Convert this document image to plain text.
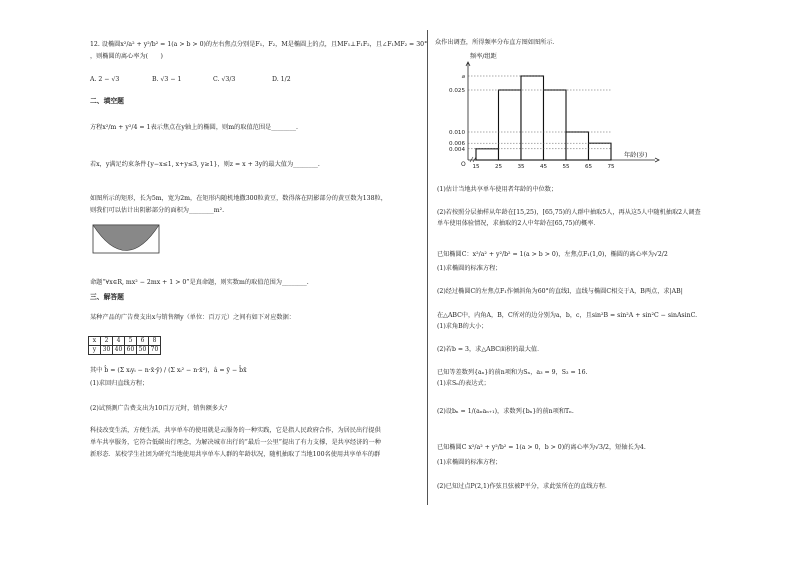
12. 设椭圆x²/a² + y²/b² = 1(a > b > 0)的左右焦点分别是F₁，F₂，M是椭圆上的点，且MF₁⊥F₁F₂，且∠F₁MF₂ = 30°
，则椭圆的离心率为(　　)
A. 2 − √3	B. √3 − 1	C. √3/3	D. 1/2
二、填空题
方程x²/m + y²/4 = 1表示焦点在y轴上的椭圆，则m的取值范围是________.
若x，y满足约束条件{y−x≤1, x+y≤3, y≥1}，则z = x + 3y的最大值为________.
如图所示的矩形，长为5m，宽为2m，在矩形内随机地撒300粒黄豆，数得落在阴影部分的黄豆数为138粒，
则我们可以估计出阴影部分的面积为________m².
命题“∀x∈R, mx² − 2mx + 1 > 0”是真命题，则实数m的取值范围为________.
三、解答题
某种产品的广告费支出x与销售额y（单位：百万元）之间有如下对应数据：
x	2	4	5	6	8
y	30	40	60	50	70
其中 b̂ = (Σ xᵢyᵢ − n·x̄·ȳ) / (Σ xᵢ² − n·x̄²)，â = ȳ − b̂x̄
(1)求回归直线方程；
(2)试预测广告费支出为10百万元时，销售额多大？
科技改变生活，方便生活，共享单车的使用就是云服务的一种实践，它是指人民政府合作，为居民出行提供
单车共享服务，它符合低碳出行理念，为解决城市出行的“最后一公里”提出了有力支撑，是共享经济的一种
新形态．某校学生社团为研究当地使用共享单车人群的年龄状况，随机抽取了当地100名使用共享单车的群
众作出调查，所得频率分布直方图如图所示．
频率/组距
年龄(岁)
O
0.004
0.006
0.010
0.025
a
15	25	35	45	55	65	75
(1)估计当地共享单车使用者年龄的中位数；
(2)若按照分层抽样从年龄在[15,25)，[65,75)的人群中抽取5人，再从这5人中随机抽取2人调查
单车使用体验情况，求抽取的2人中年龄在[65,75)的概率．
已知椭圆C：x²/a² + y²/b² = 1(a > b > 0)，左焦点F₁(1,0)，椭圆的离心率为√2/2
(1)求椭圆的标准方程；
(2)经过椭圆C的左焦点F₁作倾斜角为60°的直线l，直线与椭圆C相交于A，B两点，求|AB|
在△ABC中，内角A，B，C所对的边分别为a，b，c，且sin²B = sin²A + sin²C − sinAsinC.
(1)求角B的大小；
(2)若b = 3，求△ABC面积的最大值．
已知等差数列{aₙ}的前n项和为Sₙ，a₃ = 9，S₃ = 16.
(1)求Sₙ的表达式；
(2)设bₙ = 1/(aₙaₙ₊₁)，求数列{bₙ}的前n项和Tₙ.
已知椭圆C x²/a² + y²/b² = 1(a > 0，b > 0)的离心率为√3/2，短轴长为4.
(1)求椭圆的标准方程；
(2)已知过点P(2,1)作弦且弦被P平分，求此弦所在的直线方程．
